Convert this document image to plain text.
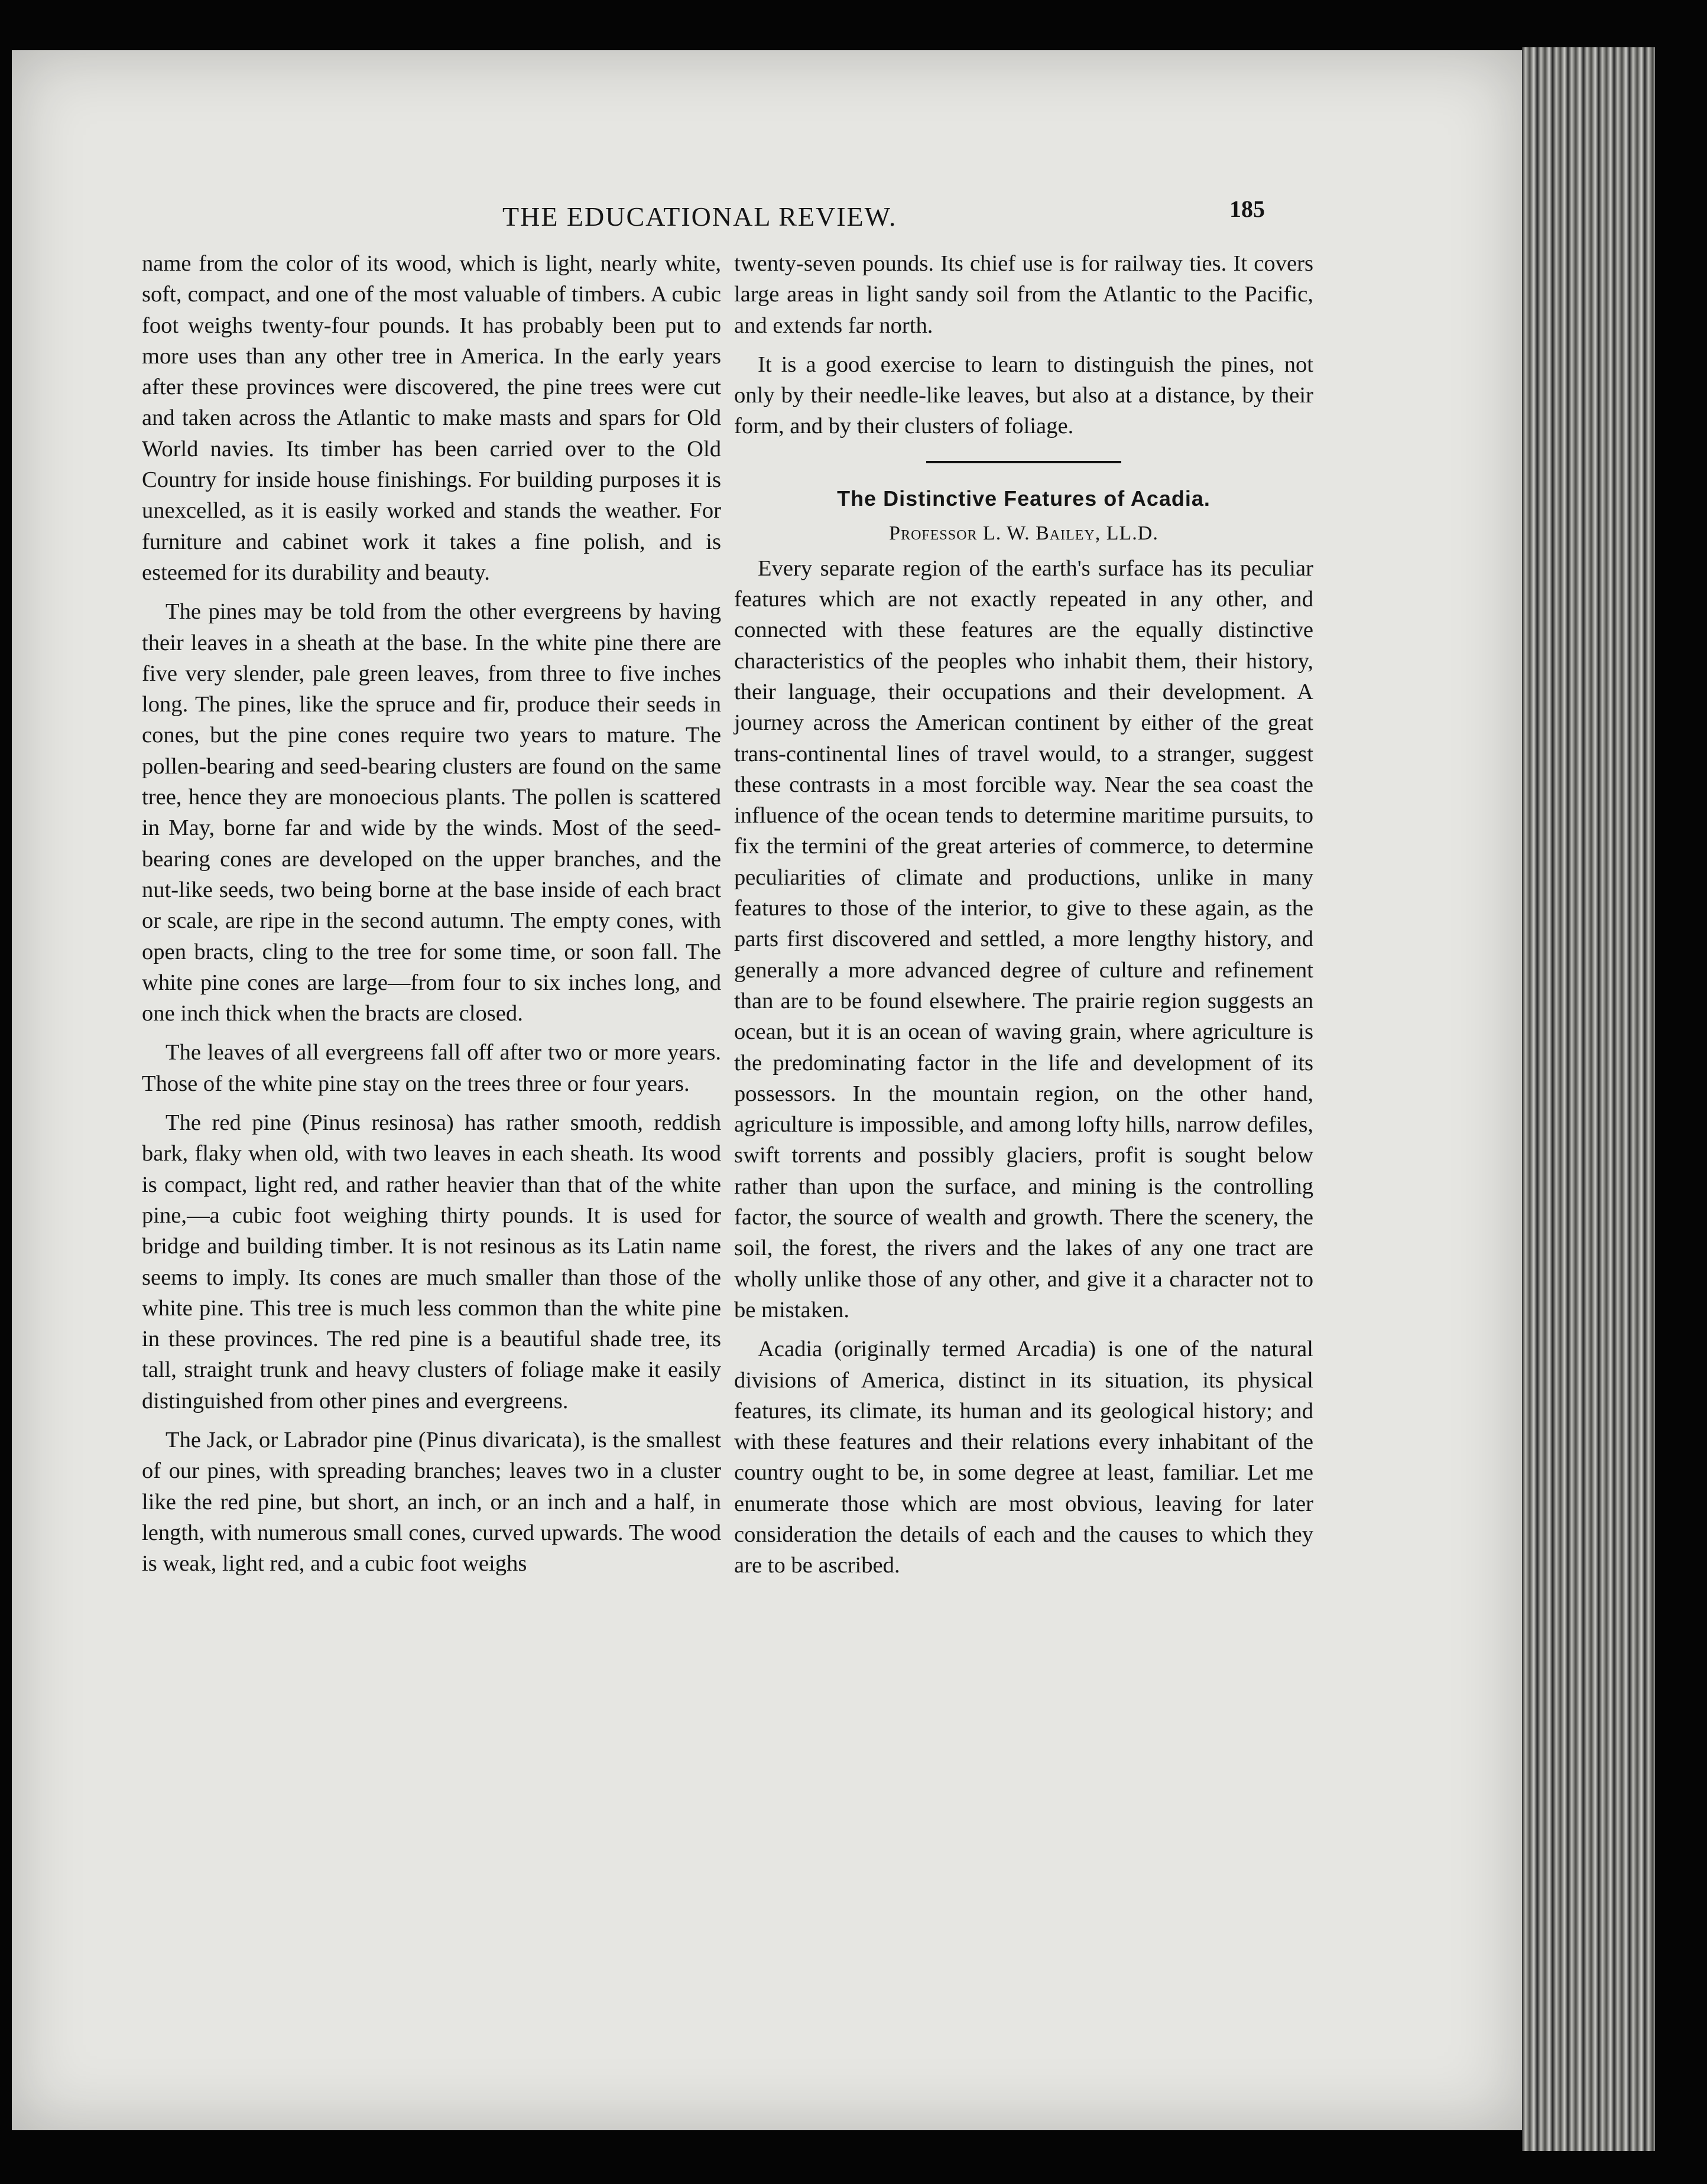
THE EDUCATIONAL REVIEW.	185

name from the color of its wood, which is light, nearly white, soft, compact, and one of the most valuable of timbers. A cubic foot weighs twenty-four pounds. It has probably been put to more uses than any other tree in America. In the early years after these provinces were discovered, the pine trees were cut and taken across the Atlantic to make masts and spars for Old World navies. Its timber has been carried over to the Old Country for inside house finishings. For building purposes it is unexcelled, as it is easily worked and stands the weather. For furniture and cabinet work it takes a fine polish, and is esteemed for its durability and beauty.

The pines may be told from the other evergreens by having their leaves in a sheath at the base. In the white pine there are five very slender, pale green leaves, from three to five inches long. The pines, like the spruce and fir, produce their seeds in cones, but the pine cones require two years to mature. The pollen-bearing and seed-bearing clusters are found on the same tree, hence they are monoecious plants. The pollen is scattered in May, borne far and wide by the winds. Most of the seed-bearing cones are developed on the upper branches, and the nut-like seeds, two being borne at the base inside of each bract or scale, are ripe in the second autumn. The empty cones, with open bracts, cling to the tree for some time, or soon fall. The white pine cones are large—from four to six inches long, and one inch thick when the bracts are closed.

The leaves of all evergreens fall off after two or more years. Those of the white pine stay on the trees three or four years.

The red pine (Pinus resinosa) has rather smooth, reddish bark, flaky when old, with two leaves in each sheath. Its wood is compact, light red, and rather heavier than that of the white pine,—a cubic foot weighing thirty pounds. It is used for bridge and building timber. It is not resinous as its Latin name seems to imply. Its cones are much smaller than those of the white pine. This tree is much less common than the white pine in these provinces. The red pine is a beautiful shade tree, its tall, straight trunk and heavy clusters of foliage make it easily distinguished from other pines and evergreens.

The Jack, or Labrador pine (Pinus divaricata), is the smallest of our pines, with spreading branches; leaves two in a cluster like the red pine, but short, an inch, or an inch and a half, in length, with numerous small cones, curved upwards. The wood is weak, light red, and a cubic foot weighs

twenty-seven pounds. Its chief use is for railway ties. It covers large areas in light sandy soil from the Atlantic to the Pacific, and extends far north.

It is a good exercise to learn to distinguish the pines, not only by their needle-like leaves, but also at a distance, by their form, and by their clusters of foliage.

The Distinctive Features of Acadia.
Professor L. W. Bailey, LL.D.

Every separate region of the earth's surface has its peculiar features which are not exactly repeated in any other, and connected with these features are the equally distinctive characteristics of the peoples who inhabit them, their history, their language, their occupations and their development. A journey across the American continent by either of the great trans-continental lines of travel would, to a stranger, suggest these contrasts in a most forcible way. Near the sea coast the influence of the ocean tends to determine maritime pursuits, to fix the termini of the great arteries of commerce, to determine peculiarities of climate and productions, unlike in many features to those of the interior, to give to these again, as the parts first discovered and settled, a more lengthy history, and generally a more advanced degree of culture and refinement than are to be found elsewhere. The prairie region suggests an ocean, but it is an ocean of waving grain, where agriculture is the predominating factor in the life and development of its possessors. In the mountain region, on the other hand, agriculture is impossible, and among lofty hills, narrow defiles, swift torrents and possibly glaciers, profit is sought below rather than upon the surface, and mining is the controlling factor, the source of wealth and growth. There the scenery, the soil, the forest, the rivers and the lakes of any one tract are wholly unlike those of any other, and give it a character not to be mistaken.

Acadia (originally termed Arcadia) is one of the natural divisions of America, distinct in its situation, its physical features, its climate, its human and its geological history; and with these features and their relations every inhabitant of the country ought to be, in some degree at least, familiar. Let me enumerate those which are most obvious, leaving for later consideration the details of each and the causes to which they are to be ascribed.
